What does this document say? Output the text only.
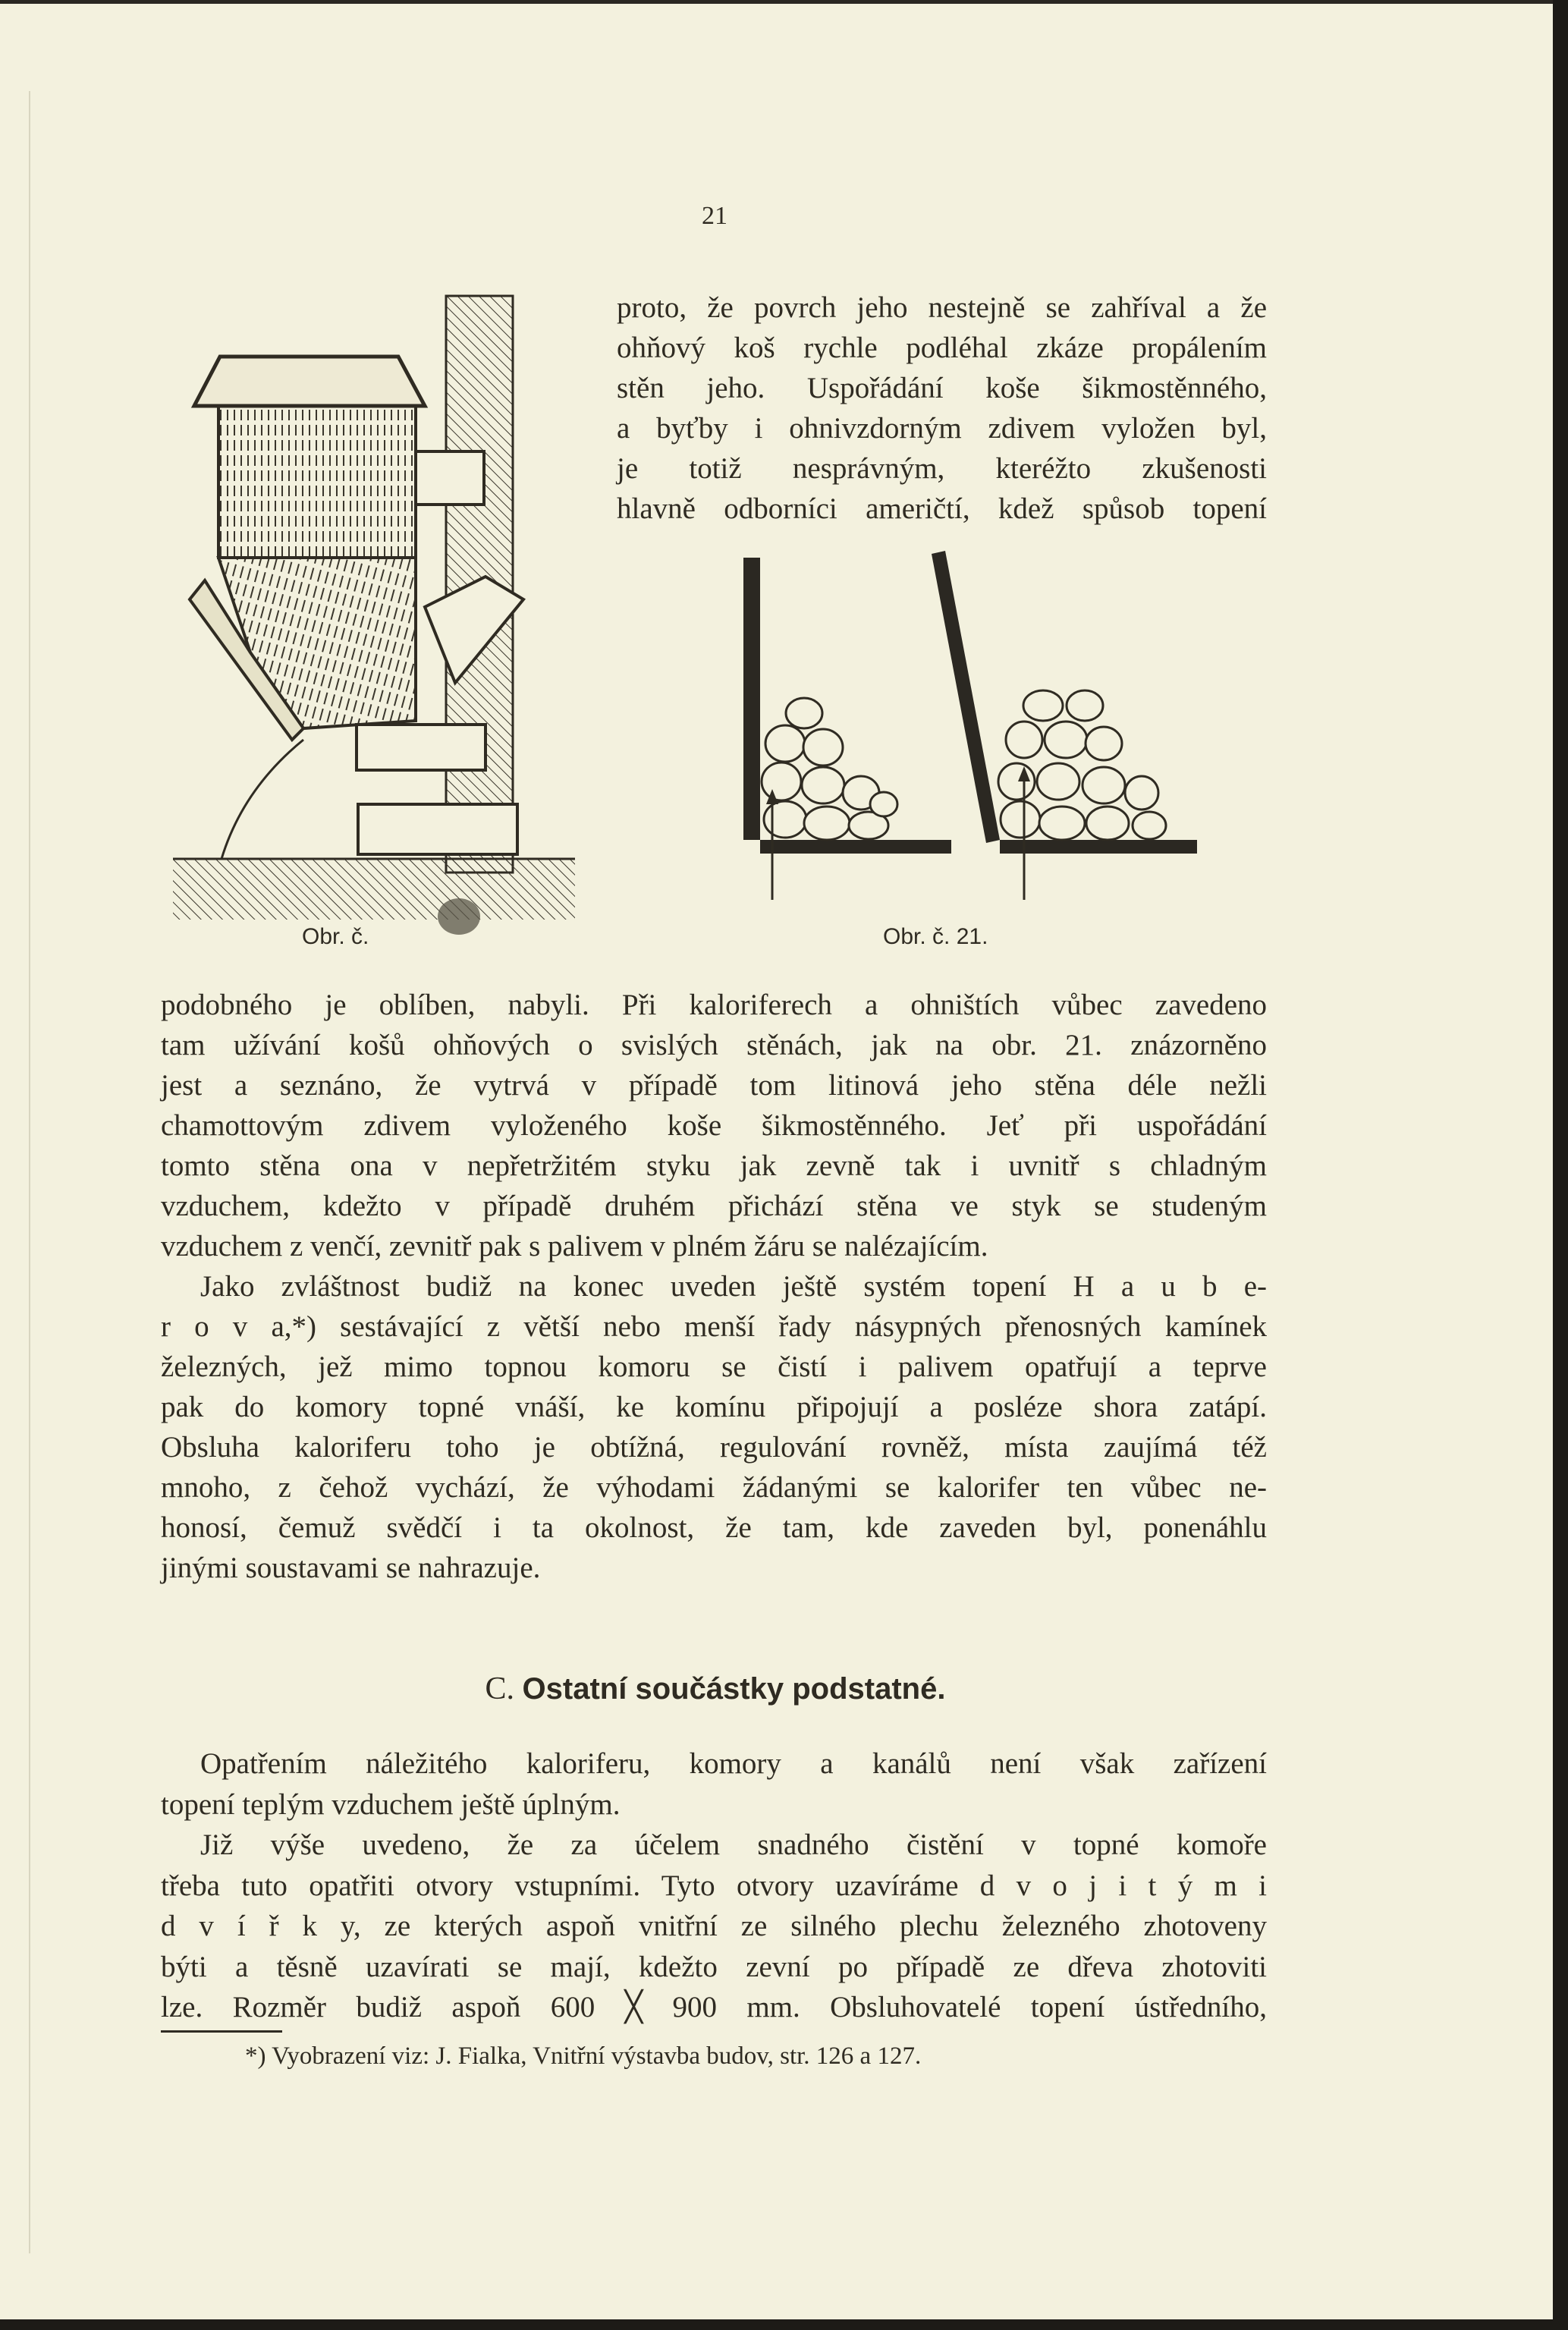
21
Obr. č.	Obr. č. 21.
proto, že povrch jeho nestejně se zahříval a že
ohňový koš rychle podléhal zkáze propálením
stěn jeho. Uspořádání koše šikmostěnného,
a byťby i ohnivzdorným zdivem vyložen byl,
je totiž nesprávným, kteréžto zkušenosti
hlavně odborníci američtí, kdež spůsob topení
podobného je oblíben, nabyli. Při kaloriferech a ohništích vůbec zavedeno
tam užívání košů ohňových o svislých stěnách, jak na obr. 21. znázorněno
jest a seznáno, že vytrvá v případě tom litinová jeho stěna déle nežli
chamottovým zdivem vyloženého koše šikmostěnného. Jeť při uspořádání
tomto stěna ona v nepřetržitém styku jak zevně tak i uvnitř s chladným
vzduchem, kdežto v případě druhém přichází stěna ve styk se studeným
vzduchem z venčí, zevnitř pak s palivem v plném žáru se nalézajícím.
Jako zvláštnost budiž na konec uveden ještě systém topení H a u b e-
r o v a,*) sestávající z větší nebo menší řady násypných přenosných kamínek
železných, jež mimo topnou komoru se čistí i palivem opatřují a teprve
pak do komory topné vnáší, ke komínu připojují a posléze shora zatápí.
Obsluha kaloriferu toho je obtížná, regulování rovněž, místa zaujímá též
mnoho, z čehož vychází, že výhodami žádanými se kalorifer ten vůbec ne-
honosí, čemuž svědčí i ta okolnost, že tam, kde zaveden byl, ponenáhlu
jinými soustavami se nahrazuje.
Opatřením náležitého kaloriferu, komory a kanálů není však zařízení
topení teplým vzduchem ještě úplným.
Již výše uvedeno, že za účelem snadného čistění v topné komoře
třeba tuto opatřiti otvory vstupními. Tyto otvory uzavíráme d v o j i t ý m i
d v í ř k y, ze kterých aspoň vnitřní ze silného plechu železného zhotoveny
býti a těsně uzavírati se mají, kdežto zevní po případě ze dřeva zhotoviti
lze. Rozměr budiž aspoň 600 ╳ 900 mm. Obsluhovatelé topení ústředního,
C. Ostatní součástky podstatné.
*) Vyobrazení viz: J. Fialka, Vnitřní výstavba budov, str. 126 a 127.
